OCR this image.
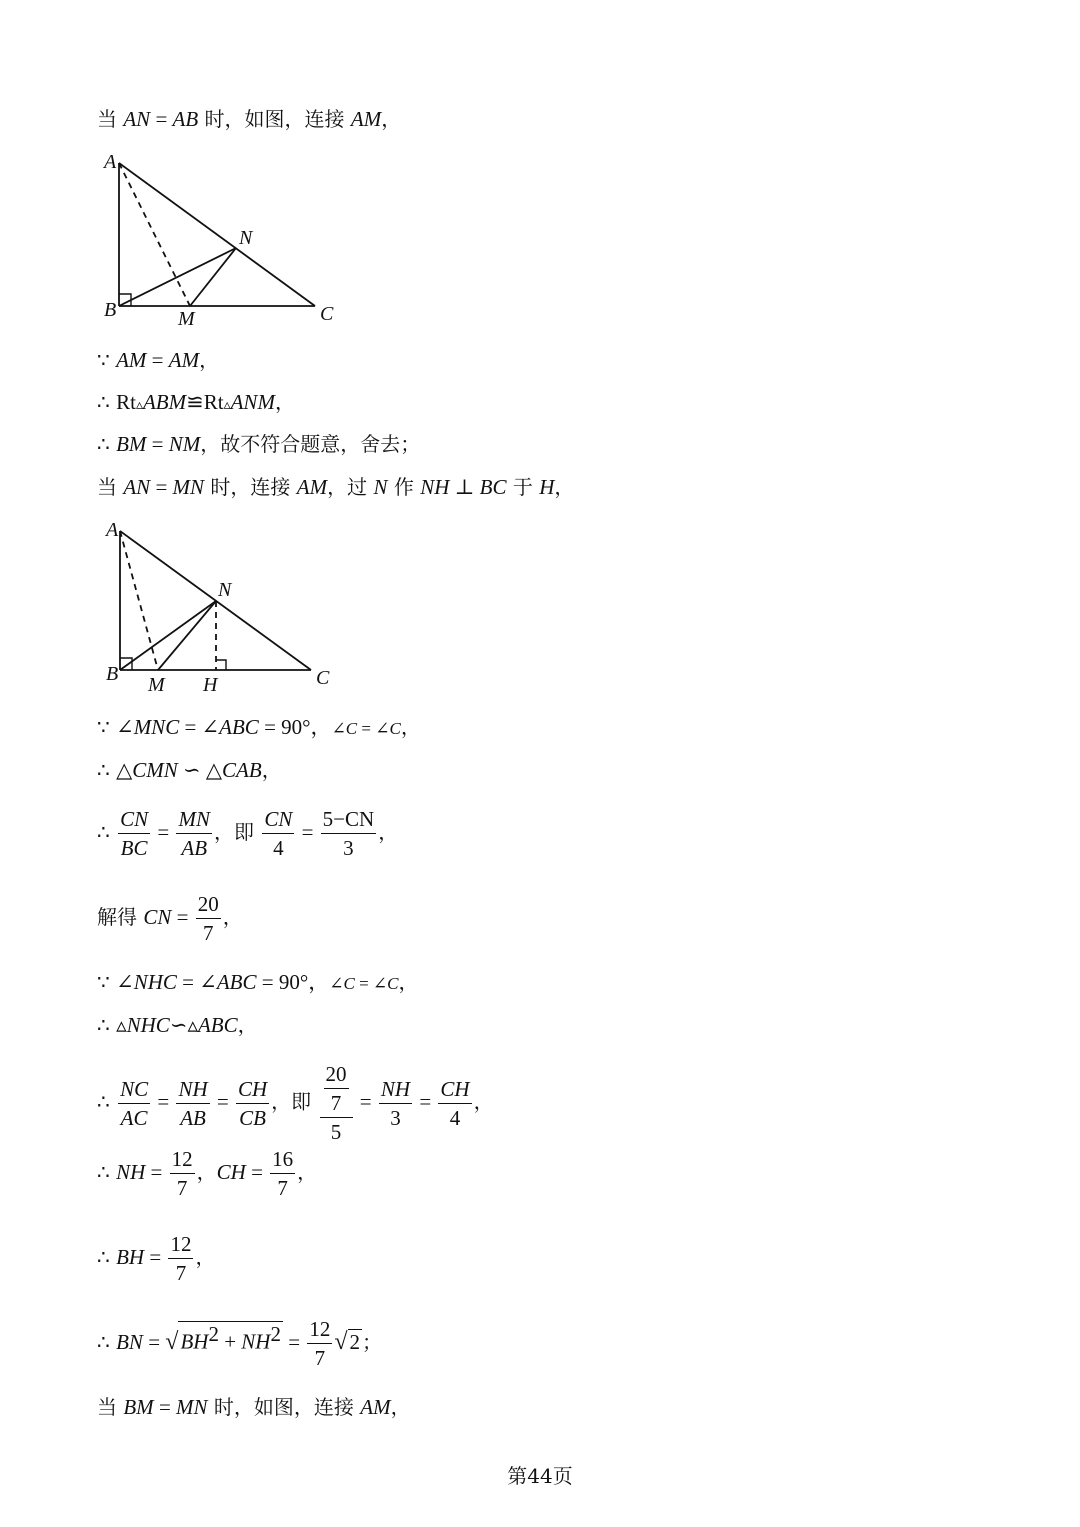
当 AN = AB 时，如图，连接 AM，
A
B	C
M
N
∵ AM = AM，
∴ Rt▵ABM≌Rt▵ANM，
∴ BM = NM，故不符合题意，舍去；
当 AN = MN 时，连接 AM，过 N 作 NH ⊥ BC 于 H，
A
B	C
M H
N
∵ ∠MNC = ∠ABC = 90°，∠C = ∠C，
∴ △CMN ∽ △CAB，
∴ $\frac{CN}{BC} = \frac{MN}{AB}$ ，即 $\frac{CN}{4} = \frac{5-CN}{3}$ ，
解得 CN = $\frac{20}{7}$ ，
∵ ∠NHC = ∠ABC = 90°，∠C = ∠C，
∴ ▵NHC∽▵ABC，
∴ $\frac{NC}{AC} = \frac{NH}{AB} = \frac{CH}{CB}$ ，即 $\frac{\frac{20}{7}}{5} = \frac{NH}{3} = \frac{CH}{4}$ ，
∴ NH = $\frac{12}{7}$ ，CH = $\frac{16}{7}$ ，
∴ BH = $\frac{12}{7}$ ，
∴ BN = $√BH^2 + NH^2 = \frac{12}{7} √2$ ；
当 BM = MN 时，如图，连接 AM，
第44页
